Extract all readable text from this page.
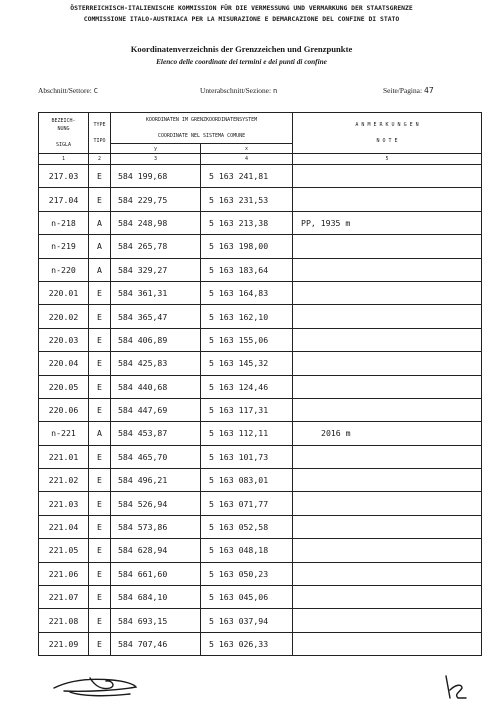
ÖSTERREICHISCH-ITALIENISCHE KOMMISSION FÜR DIE VERMESSUNG UND VERMARKUNG DER STAATSGRENZE
COMMISSIONE ITALO-AUSTRIACA PER LA MISURAZIONE E DEMARCAZIONE DEL CONFINE DI STATO
Koordinatenverzeichnis der Grenzzeichen und Grenzpunkte
Elenco delle coordinate dei termini e dei punti di confine
Abschnitt/Settore: C	Unterabschnitt/Sezione: n	Seite/Pagina: 47
BEZEICH-
NUNG

SIGLA	TYPE

TIPO	KOORDINATEN IM GRENZKOORDINATENSYSTEM

COORDINATE NEL SISTEMA COMUNE		A N M E R K U N G E N

N O T E
		y	x	
1	2	3	4	5
217.03	E	584 199,68	5 163 241,81	
217.04	E	584 229,75	5 163 231,53	
n-218	A	584 248,98	5 163 213,38	PP, 1935 m
n-219	A	584 265,78	5 163 198,00	
n-220	A	584 329,27	5 163 183,64	
220.01	E	584 361,31	5 163 164,83	
220.02	E	584 365,47	5 163 162,10	
220.03	E	584 406,89	5 163 155,06	
220.04	E	584 425,83	5 163 145,32	
220.05	E	584 440,68	5 163 124,46	
220.06	E	584 447,69	5 163 117,31	
n-221	A	584 453,87	5 163 112,11	2016 m
221.01	E	584 465,70	5 163 101,73	
221.02	E	584 496,21	5 163 083,01	
221.03	E	584 526,94	5 163 071,77	
221.04	E	584 573,86	5 163 052,58	
221.05	E	584 628,94	5 163 048,18	
221.06	E	584 661,60	5 163 050,23	
221.07	E	584 684,10	5 163 045,06	
221.08	E	584 693,15	5 163 037,94	
221.09	E	584 707,46	5 163 026,33	
